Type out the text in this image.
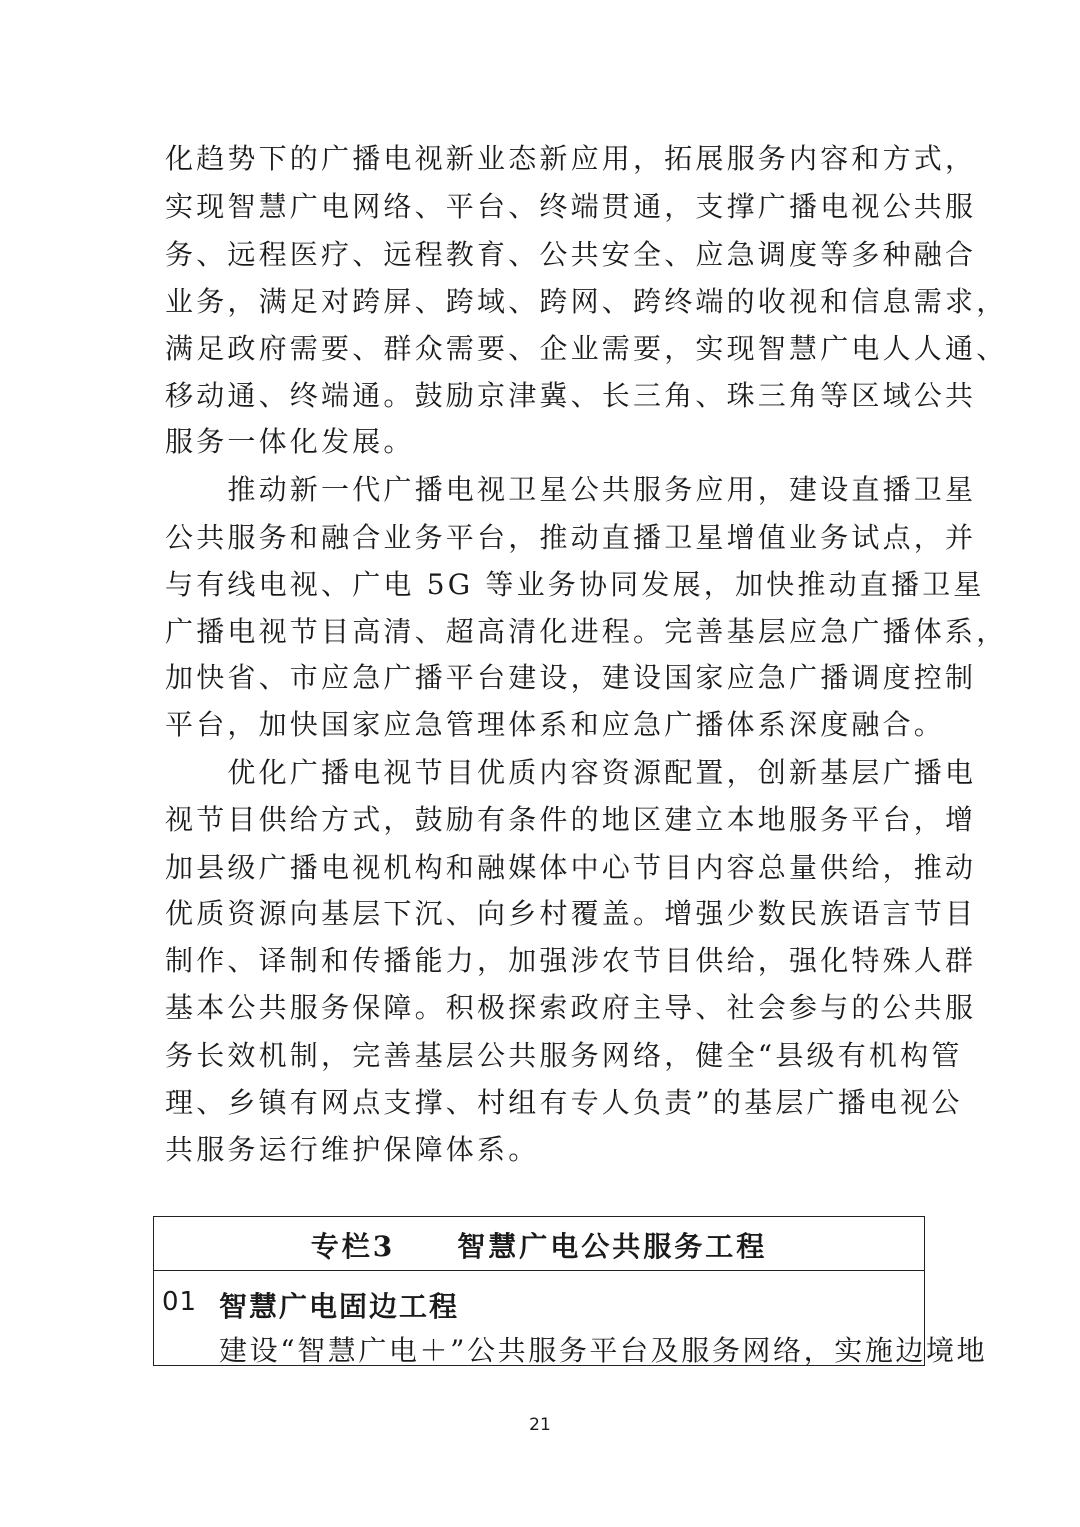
化趋势下的广播电视新业态新应用，拓展服务内容和方式，
实现智慧广电网络、平台、终端贯通，支撑广播电视公共服
务、远程医疗、远程教育、公共安全、应急调度等多种融合
业务，满足对跨屏、跨域、跨网、跨终端的收视和信息需求，
满足政府需要、群众需要、企业需要，实现智慧广电人人通、
移动通、终端通。鼓励京津冀、长三角、珠三角等区域公共
服务一体化发展。
　　推动新一代广播电视卫星公共服务应用，建设直播卫星
公共服务和融合业务平台，推动直播卫星增值业务试点，并
与有线电视、广电 5G 等业务协同发展，加快推动直播卫星
广播电视节目高清、超高清化进程。完善基层应急广播体系，
加快省、市应急广播平台建设，建设国家应急广播调度控制
平台，加快国家应急管理体系和应急广播体系深度融合。
　　优化广播电视节目优质内容资源配置，创新基层广播电
视节目供给方式，鼓励有条件的地区建立本地服务平台，增
加县级广播电视机构和融媒体中心节目内容总量供给，推动
优质资源向基层下沉、向乡村覆盖。增强少数民族语言节目
制作、译制和传播能力，加强涉农节目供给，强化特殊人群
基本公共服务保障。积极探索政府主导、社会参与的公共服
务长效机制，完善基层公共服务网络，健全“县级有机构管
理、乡镇有网点支撑、村组有专人负责”的基层广播电视公
共服务运行维护保障体系。
专栏3　　智慧广电公共服务工程
01 智慧广电固边工程
建设“智慧广电＋”公共服务平台及服务网络，实施边境地
21
